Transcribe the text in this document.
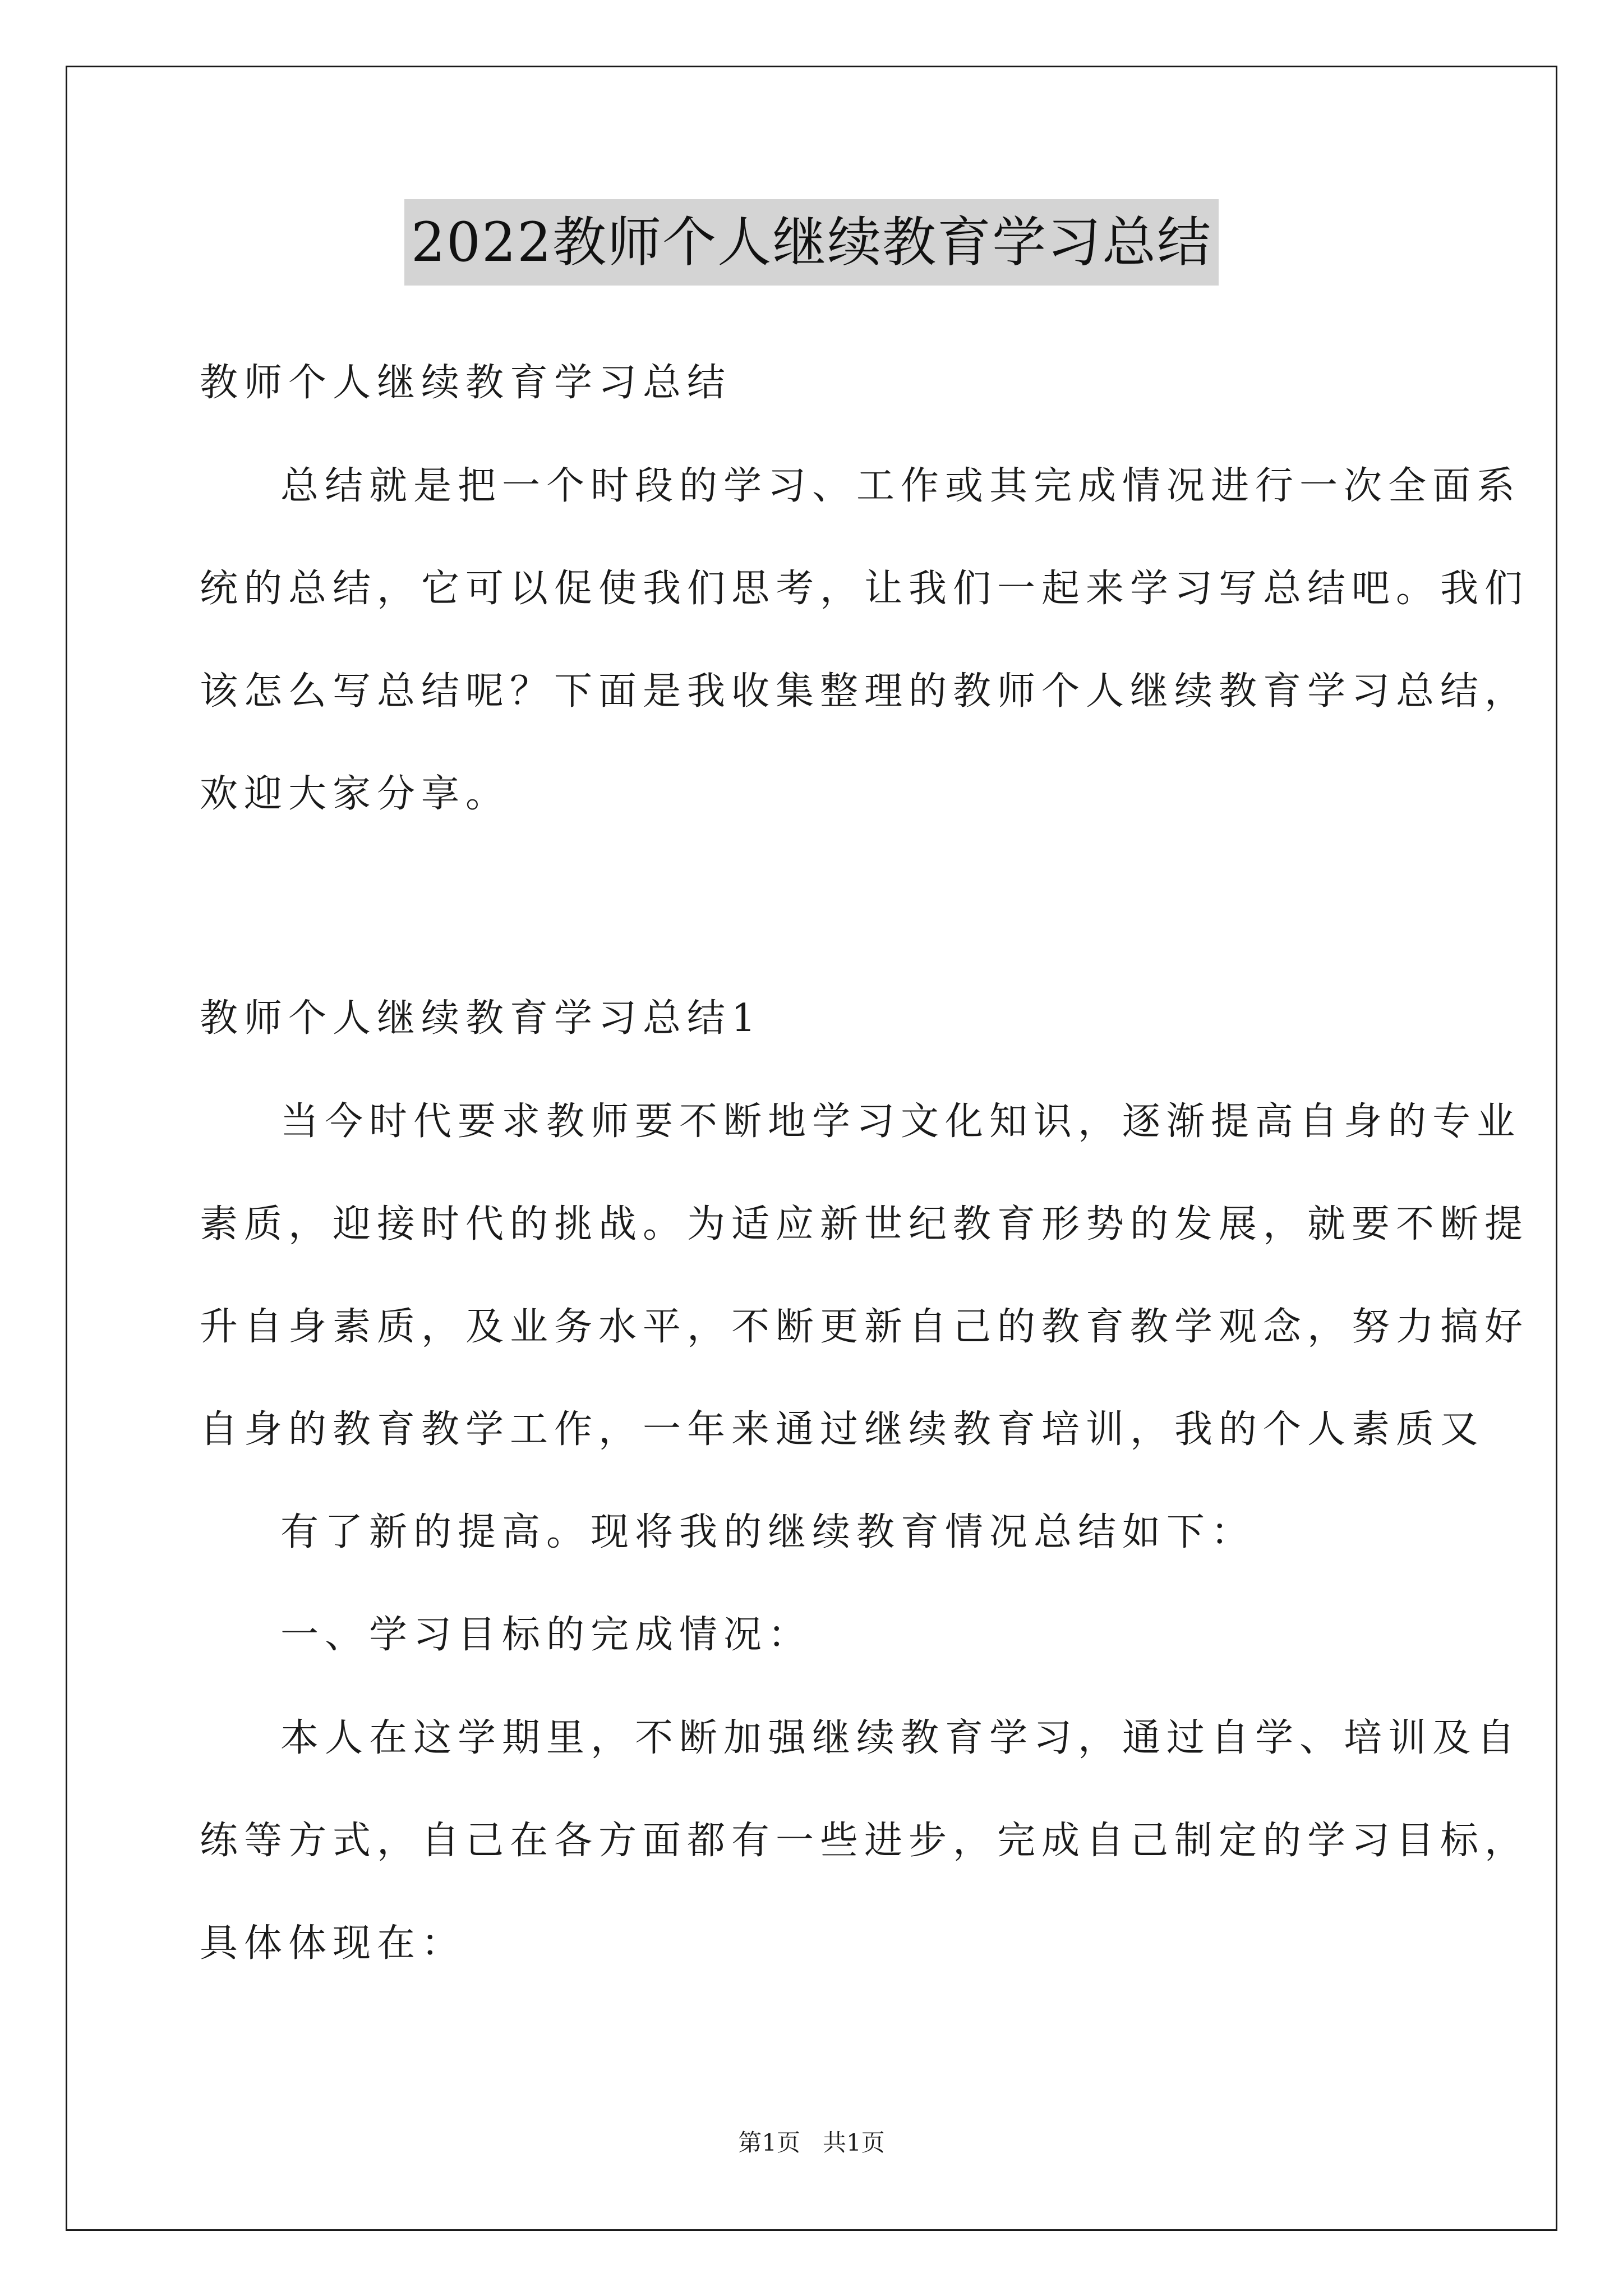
2022教师个人继续教育学习总结
教师个人继续教育学习总结
总结就是把一个时段的学习、工作或其完成情况进行一次全面系
统的总结，它可以促使我们思考，让我们一起来学习写总结吧。我们
该怎么写总结呢？下面是我收集整理的教师个人继续教育学习总结，
欢迎大家分享。
教师个人继续教育学习总结1
当今时代要求教师要不断地学习文化知识，逐渐提高自身的专业
素质，迎接时代的挑战。为适应新世纪教育形势的发展，就要不断提
升自身素质，及业务水平，不断更新自己的教育教学观念，努力搞好
自身的教育教学工作，一年来通过继续教育培训，我的个人素质又
有了新的提高。现将我的继续教育情况总结如下：
一、学习目标的完成情况：
本人在这学期里，不断加强继续教育学习，通过自学、培训及自
练等方式，自己在各方面都有一些进步，完成自己制定的学习目标，
具体体现在：
第1页   共1页
